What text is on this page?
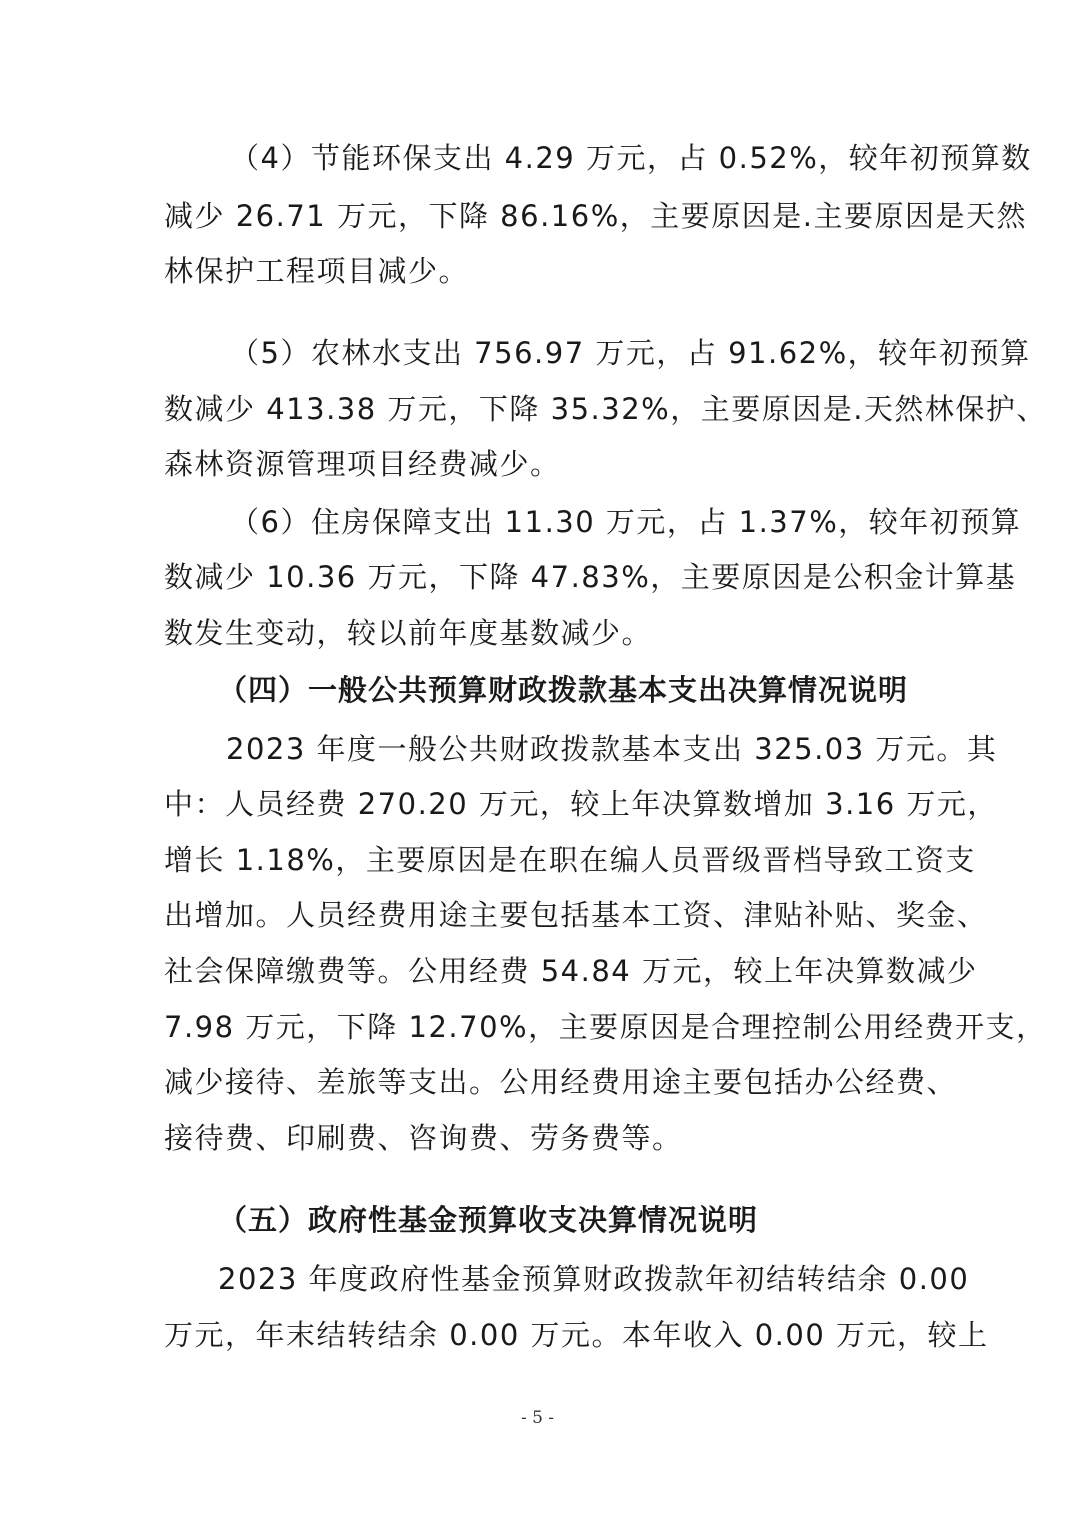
（4）节能环保支出 4.29 万元，占 0.52%，较年初预算数
减少 26.71 万元，下降 86.16%，主要原因是.主要原因是天然
林保护工程项目减少。
（5）农林水支出 756.97 万元，占 91.62%，较年初预算
数减少 413.38 万元，下降 35.32%，主要原因是.天然林保护、
森林资源管理项目经费减少。
（6）住房保障支出 11.30 万元，占 1.37%，较年初预算
数减少 10.36 万元，下降 47.83%，主要原因是公积金计算基
数发生变动，较以前年度基数减少。
（四）一般公共预算财政拨款基本支出决算情况说明
2023 年度一般公共财政拨款基本支出 325.03 万元。其
中：人员经费 270.20 万元，较上年决算数增加 3.16 万元，
增长 1.18%，主要原因是在职在编人员晋级晋档导致工资支
出增加。人员经费用途主要包括基本工资、津贴补贴、奖金、
社会保障缴费等。公用经费 54.84 万元，较上年决算数减少
7.98 万元，下降 12.70%，主要原因是合理控制公用经费开支，
减少接待、差旅等支出。公用经费用途主要包括办公经费、
接待费、印刷费、咨询费、劳务费等。
（五）政府性基金预算收支决算情况说明
2023 年度政府性基金预算财政拨款年初结转结余 0.00
万元，年末结转结余 0.00 万元。本年收入 0.00 万元，较上
- 5 -
